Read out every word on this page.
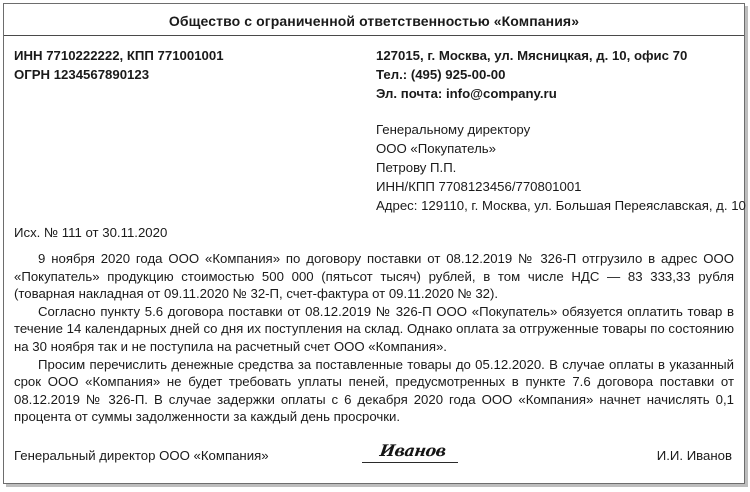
Общество с ограниченной ответственностью «Компания»
ИНН 7710222222, КПП 771001001
ОГРН 1234567890123
127015, г. Москва, ул. Мясницкая, д. 10, офис 70
Тел.: (495) 925-00-00
Эл. почта: info@company.ru
Генеральному директору
ООО «Покупатель»
Петрову П.П.
ИНН/КПП 7708123456/770801001
Адрес: 129110, г. Москва, ул. Большая Переяславская, д. 10
Исх. № 111 от 30.11.2020

9 ноября 2020 года ООО «Компания» по договору поставки от 08.12.2019 № 326-П отгрузило в адрес ООО «Покупатель» продукцию стоимостью 500 000 (пятьсот тысяч) рублей, в том числе НДС — 83 333,33 рубля (товарная накладная от 09.11.2020 № 32-П, счет-фактура от 09.11.2020 № 32).

Согласно пункту 5.6 договора поставки от 08.12.2019 № 326-П ООО «Покупатель» обязуется оплатить товар в течение 14 календарных дней со дня их поступления на склад. Однако оплата за отгруженные товары по состоянию на 30 ноября так и не поступила на расчетный счет ООО «Компания».

Просим перечислить денежные средства за поставленные товары до 05.12.2020. В случае оплаты в указанный срок ООО «Компания» не будет требовать уплаты пеней, предусмотренных в пункте 7.6 договора поставки от 08.12.2019 № 326-П. В случае задержки оплаты с 6 декабря 2020 года ООО «Компания» начнет начислять 0,1 процента от суммы задолженности за каждый день просрочки.

Генеральный директор ООО «Компания»	Иванов	И.И. Иванов
